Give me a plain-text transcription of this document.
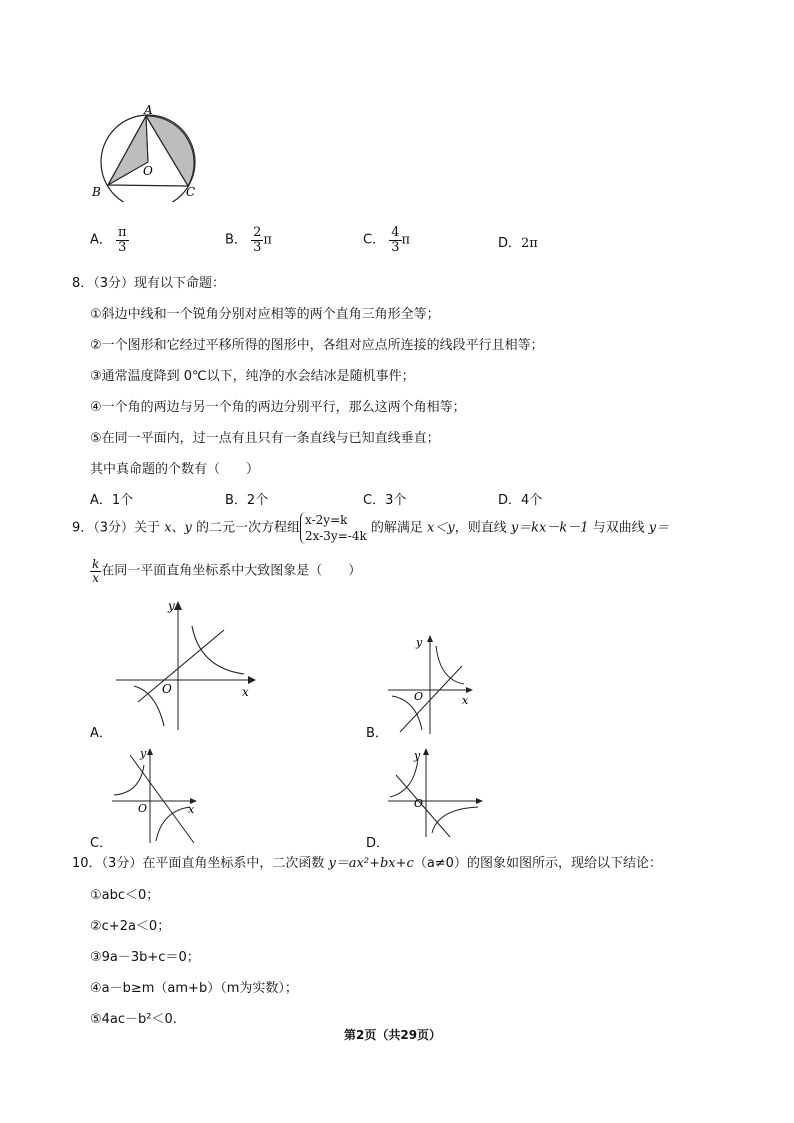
A
O
B	C
A． $\frac{\pi}{3}$	B． $\frac{2}{3}$ π	C． $\frac{4}{3}$ π	D．2π
8．（3分）现有以下命题：
①斜边中线和一个锐角分别对应相等的两个直角三角形全等；
②一个图形和它经过平移所得的图形中，各组对应点所连接的线段平行且相等；
③通常温度降到 0℃以下，纯净的水会结冰是随机事件；
④一个角的两边与另一个角的两边分别平行，那么这两个角相等；
⑤在同一平面内，过一点有且只有一条直线与已知直线垂直；
其中真命题的个数有（　　）
A．1个	B．2个	C．3个	D．4个
9．（3分）关于 x、y 的二元一次方程组
x-2y=k
2x-3y=-4k
的解满足 x＜y，则直线 y＝kx－k－1 与双曲线 y＝
$\frac{k}{x}$ 在同一平面直角坐标系中大致图象是（　　）
y
O	x
A．
y
O	x
B．
y
O	x
C．
y
O
D．
10．（3分）在平面直角坐标系中，二次函数 y＝ax²+bx+c（a≠0）的图象如图所示，现给以下结论：
①abc＜0；
②c+2a＜0；
③9a－3b+c＝0；
④a－b≥m（am+b）（m为实数）；
⑤4ac－b²＜0.
第2页（共29页）
